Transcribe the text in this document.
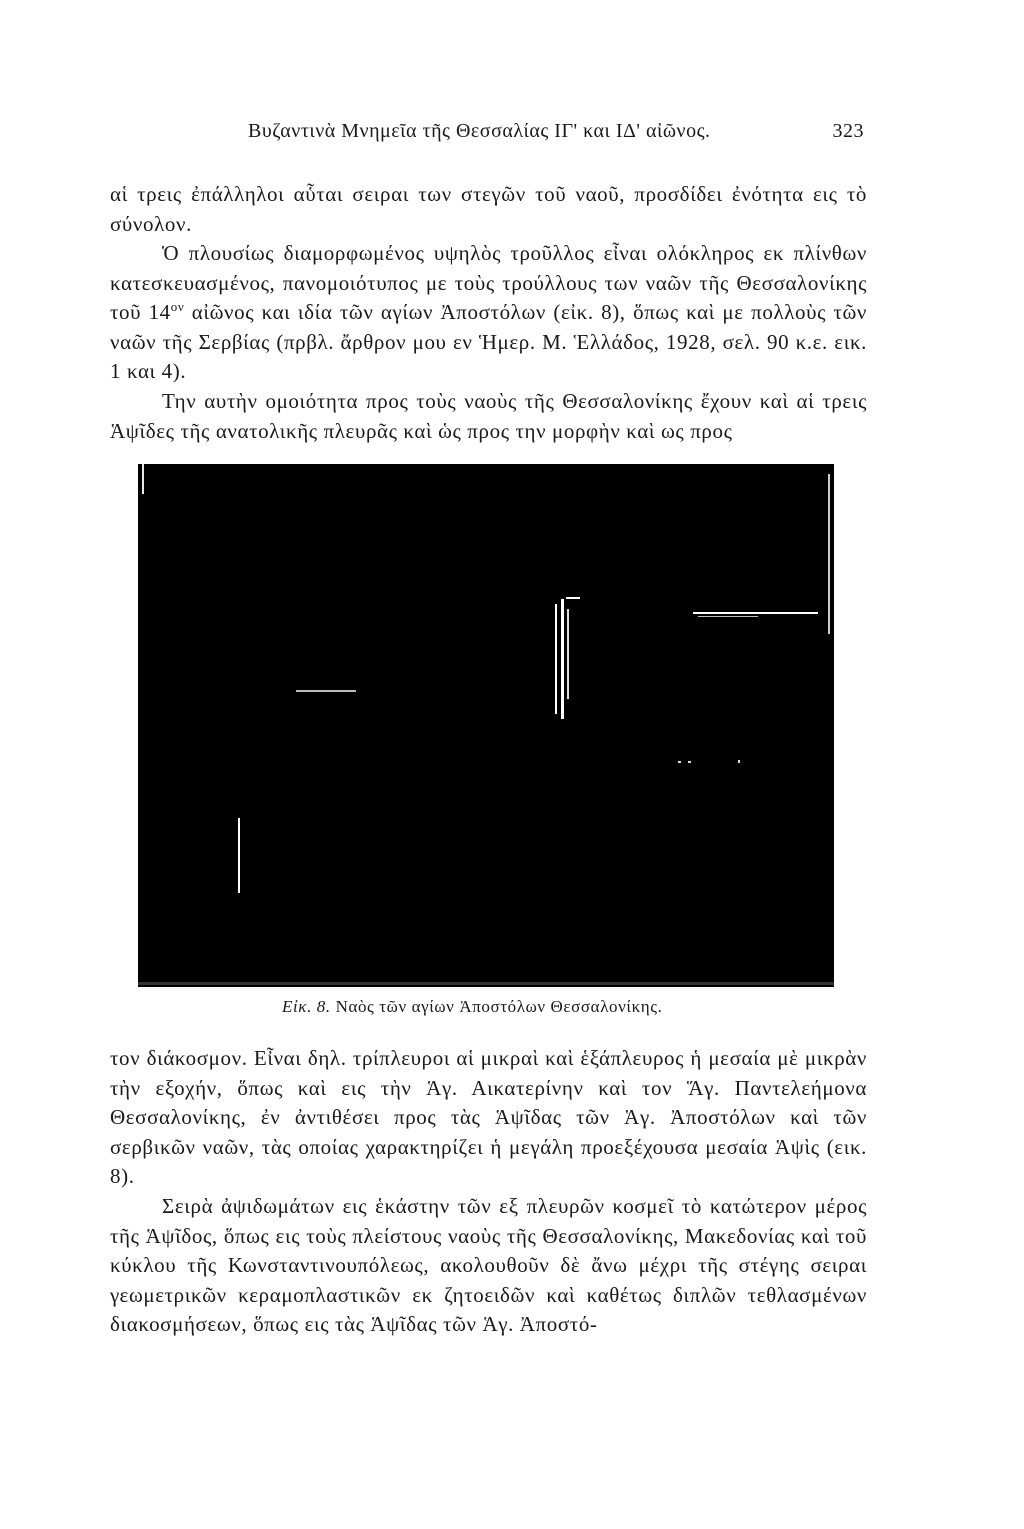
Βυζαντινὰ Μνημεῖα τῆς Θεσσαλίας ΙΓ' και ΙΔ' αἰῶνος.	323

αἱ τρεις ἐπάλληλοι αὗται σειραι των στεγῶν τοῦ ναοῦ, προσδίδει ἐνότητα εις τὸ σύνολον.

Ὁ πλουσίως διαμορφωμένος υψηλὸς τροῦλλος εἶναι ολόκληρος εκ πλίνθων κατεσκευασμένος, πανομοιότυπος με τοὺς τρούλλους των ναῶν τῆς Θεσσαλονίκης τοῦ $14^{o\nu}$ αἰῶνος και ιδία τῶν αγίων Ἀποστόλων (εἰκ. 8), ὅπως καὶ με πολλοὺς τῶν ναῶν τῆς Σερβίας (πρβλ. ἄρθρον μου εν Ἡμερ. Μ. Ἑλλάδος, 1928, σελ. 90 κ.ε. εικ. 1 και 4).

Την αυτὴν ομοιότητα προς τοὺς ναοὺς τῆς Θεσσαλονίκης ἔχουν καὶ αἱ τρεις Ἁψῖδες τῆς ανατολικῆς πλευρᾶς καὶ ὡς προς την μορφὴν καὶ ως προς

Εἰκ. 8. Ναὸς τῶν αγίων Ἀποστόλων Θεσσαλονίκης.

τον διάκοσμον. Εἶναι δηλ. τρίπλευροι αἱ μικραὶ καὶ ἑξάπλευρος ἡ μεσαία μὲ μικρὰν τὴν εξοχήν, ὅπως καὶ εις τὴν Ἁγ. Αικατερίνην καὶ τον Ἅγ. Παντελεήμονα Θεσσαλονίκης, ἐν ἀντιθέσει προς τὰς Ἁψῖδας τῶν Ἁγ. Ἀποστόλων καὶ τῶν σερβικῶν ναῶν, τὰς οποίας χαρακτηρίζει ἡ μεγάλη προεξέχουσα μεσαία Ἁψὶς (εικ. 8).

Σειρὰ ἀψιδωμάτων εις ἑκάστην τῶν εξ πλευρῶν κοσμεῖ τὸ κατώτερον μέρος τῆς Ἁψῖδος, ὅπως εις τοὺς πλείστους ναοὺς τῆς Θεσσαλονίκης, Μακεδονίας καὶ τοῦ κύκλου τῆς Κωνσταντινουπόλεως, ακολουθοῦν δὲ ἄνω μέχρι τῆς στέγης σειραι γεωμετρικῶν κεραμοπλαστικῶν εκ ζητοειδῶν καὶ καθέτως διπλῶν τεθλασμένων διακοσμήσεων, ὅπως εις τὰς Ἁψῖδας τῶν Ἁγ. Ἀποστό-
